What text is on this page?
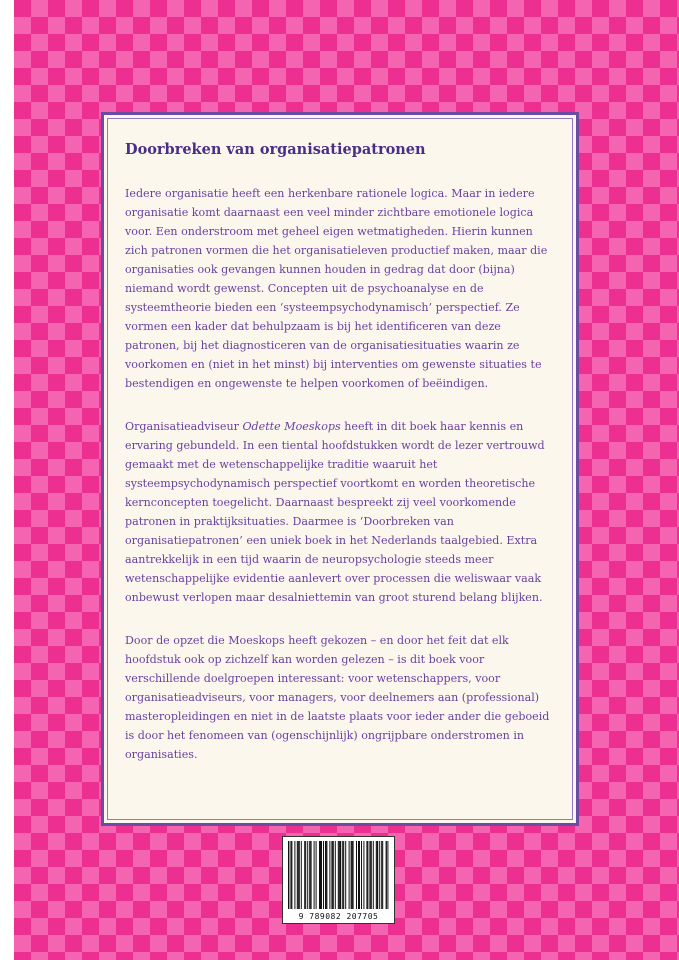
Doorbreken van organisatiepatronen

Iedere organisatie heeft een herkenbare rationele logica. Maar in iedere organisatie komt daarnaast een veel minder zichtbare emotionele logica voor. Een onderstroom met geheel eigen wetmatigheden. Hierin kunnen zich patronen vormen die het organisatieleven productief maken, maar die organisaties ook gevangen kunnen houden in gedrag dat door (bijna) niemand wordt gewenst. Concepten uit de psychoanalyse en de systeemtheorie bieden een ‘systeempsychodynamisch’ perspectief. Ze vormen een kader dat behulpzaam is bij het identificeren van deze patronen, bij het diagnosticeren van de organisatiesituaties waarin ze voorkomen en (niet in het minst) bij interventies om gewenste situaties te bestendigen en ongewenste te helpen voorkomen of beëindigen.

Organisatieadviseur Odette Moeskops heeft in dit boek haar kennis en ervaring gebundeld. In een tiental hoofdstukken wordt de lezer vertrouwd gemaakt met de wetenschappelijke traditie waaruit het systeempsychodynamisch perspectief voortkomt en worden theoretische kernconcepten toegelicht. Daarnaast bespreekt zij veel voorkomende patronen in praktijksituaties. Daarmee is ‘Doorbreken van organisatiepatronen’ een uniek boek in het Nederlands taalgebied. Extra aantrekkelijk in een tijd waarin de neuropsychologie steeds meer wetenschappelijke evidentie aanlevert over processen die weliswaar vaak onbewust verlopen maar desalniettemin van groot sturend belang blijken.

Door de opzet die Moeskops heeft gekozen – en door het feit dat elk hoofdstuk ook op zichzelf kan worden gelezen – is dit boek voor verschillende doelgroepen interessant: voor wetenschappers, voor organisatieadviseurs, voor managers, voor deelnemers aan (professional) masteropleidingen en niet in de laatste plaats voor ieder ander die geboeid is door het fenomeen van (ogenschijnlijk) ongrijpbare onderstromen in organisaties.

9 789082 207705
